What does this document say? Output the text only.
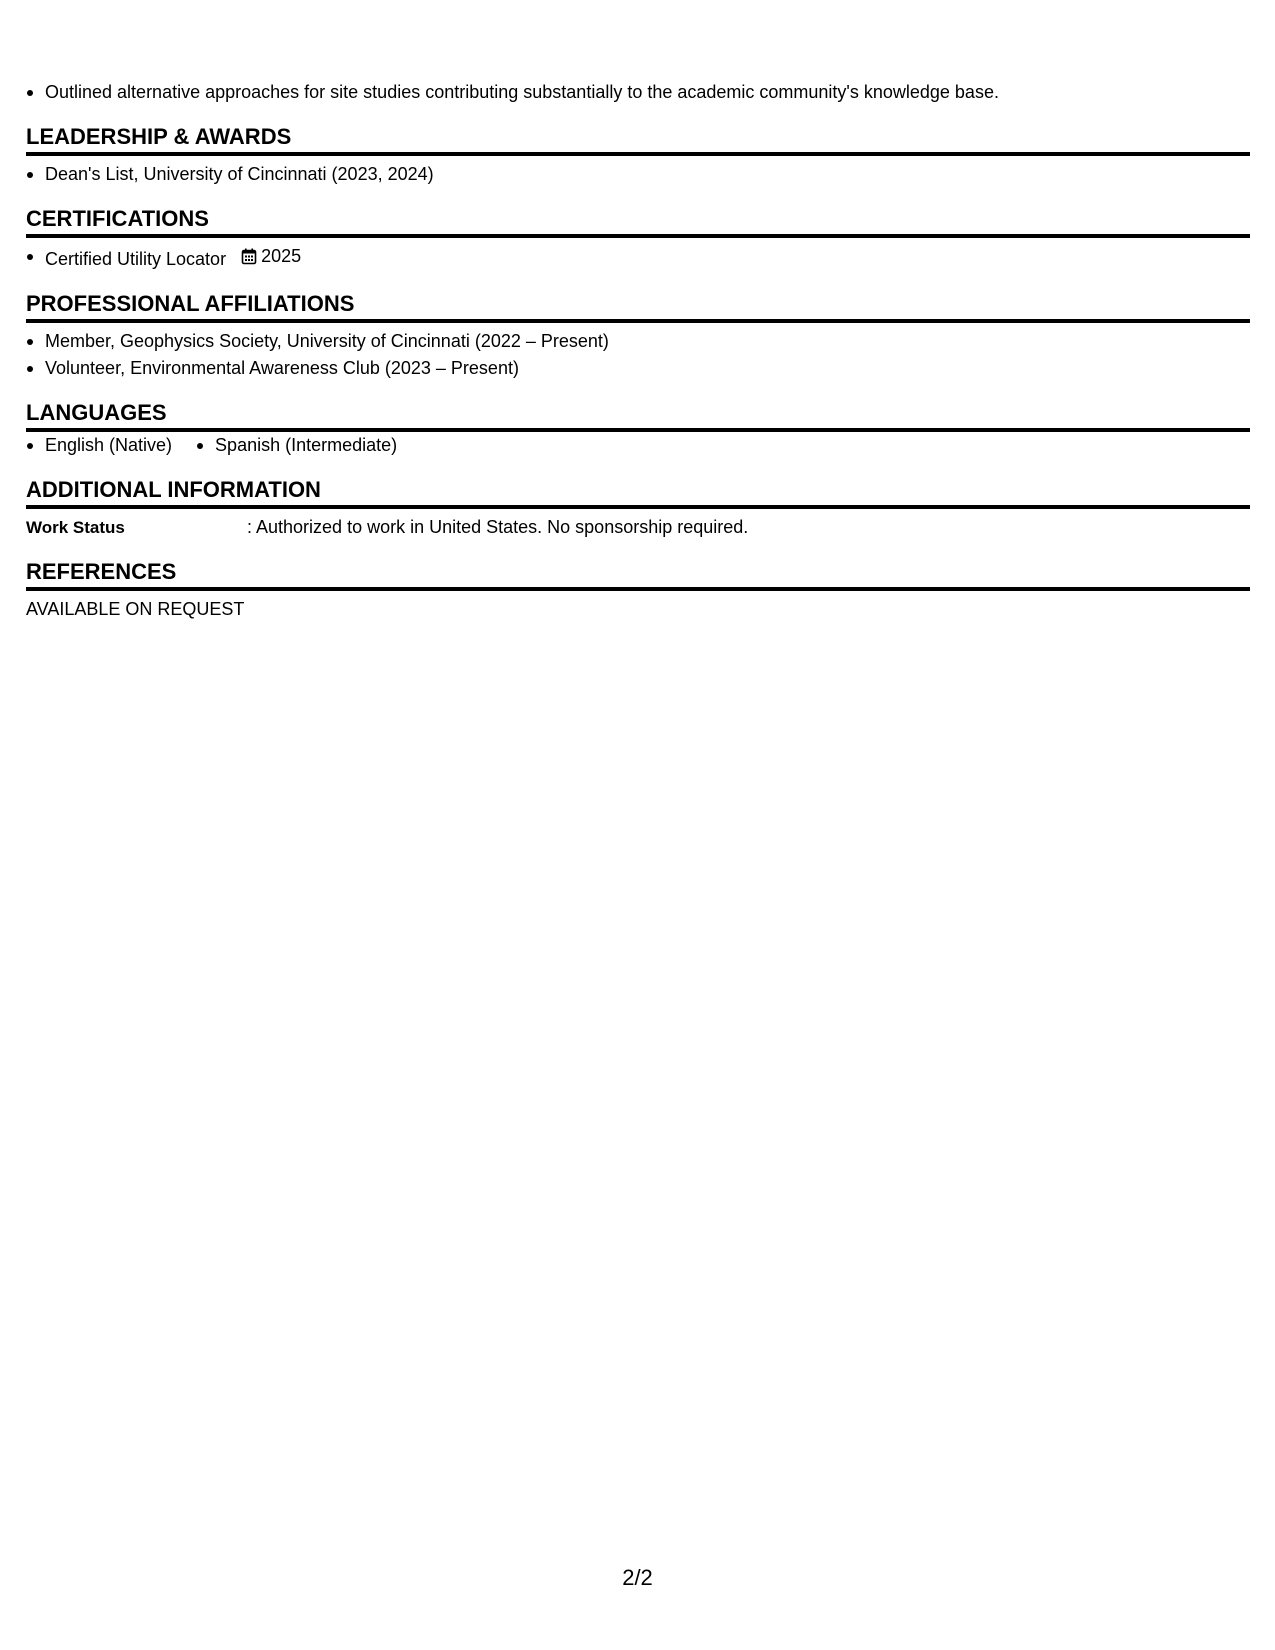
Outlined alternative approaches for site studies contributing substantially to the academic community's knowledge base.
LEADERSHIP & AWARDS
Dean's List, University of Cincinnati (2023, 2024)
CERTIFICATIONS
Certified Utility Locator 2025
PROFESSIONAL AFFILIATIONS
Member, Geophysics Society, University of Cincinnati (2022 – Present)
Volunteer, Environmental Awareness Club (2023 – Present)
LANGUAGES
English (Native)	Spanish (Intermediate)
ADDITIONAL INFORMATION
Work Status	: Authorized to work in United States. No sponsorship required.
REFERENCES
AVAILABLE ON REQUEST
2/2
